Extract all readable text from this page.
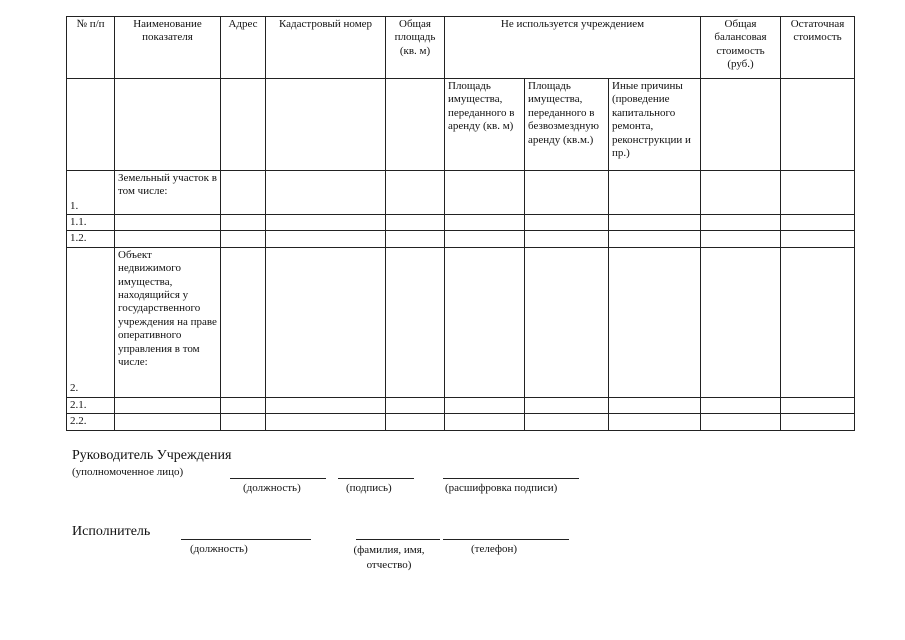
№ п/п	Наименование показателя	Адрес	Кадастровый номер	Общая площадь (кв. м)	Не используется учреждением			Общая балансовая стоимость (руб.)	Остаточная стоимость
					Площадь имущества, переданного в аренду (кв. м)	Площадь имущества, переданного в безвозмездную аренду (кв.м.)	Иные причины (проведение капитального ремонта, реконструкции и пр.)		
1.	Земельный участок в том числе:								
1.1.									
1.2.									
2.	Объект недвижимого имущества, находящийся у государственного учреждения на праве оперативного управления в том числе:								
2.1.									
2.2.									
Руководитель Учреждения
(уполномоченное лицо)
(должность)	(подпись)	(расшифровка подписи)
Исполнитель
(должность)	(фамилия, имя, отчество)
(телефон)
